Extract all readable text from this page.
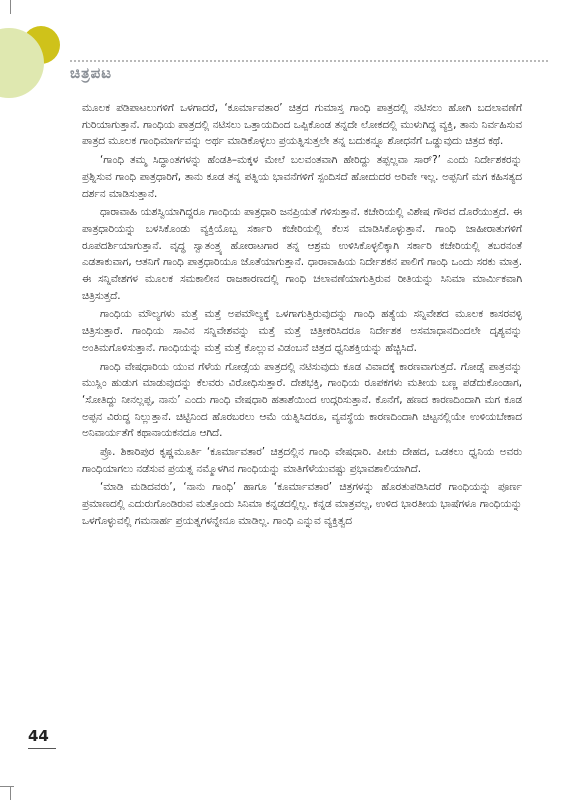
ಚಿತ್ರಪಟ

ಮೂಲಕ ಪಡಿಪಾಟಲುಗಳಿಗೆ ಒಳಗಾದರೆ, ‘ಕೂರ್ಮಾವತಾರ’ ಚಿತ್ರದ ಗುಮಾಸ್ತ ಗಾಂಧಿ ಪಾತ್ರದಲ್ಲಿ ನಟಿಸಲು ಹೋಗಿ ಬದಲಾವಣೆಗೆ ಗುರಿಯಾಗುತ್ತಾನೆ. ಗಾಂಧಿಯ ಪಾತ್ರದಲ್ಲಿ ನಟಿಸಲು ಒತ್ತಾಯದಿಂದ ಒಪ್ಪಿಕೊಂಡ ತನ್ನದೇ ಲೋಕದಲ್ಲಿ ಮುಳುಗಿದ್ದ ವ್ಯಕ್ತಿ, ತಾನು ನಿರ್ವಹಿಸುವ ಪಾತ್ರದ ಮೂಲಕ ಗಾಂಧಿಮಾರ್ಗವನ್ನು ಅರ್ಥ ಮಾಡಿಕೊಳ್ಳಲು ಪ್ರಯತ್ನಿಸುತ್ತಲೇ ತನ್ನ ಬದುಕನ್ನೂ ಶೋಧನೆಗೆ ಒಡ್ಡುವುದು ಚಿತ್ರದ ಕಥೆ.

‘ಗಾಂಧಿ ತಮ್ಮ ಸಿದ್ಧಾಂತಗಳನ್ನು ಹೆಂಡತಿ–ಮಕ್ಕಳ ಮೇಲೆ ಬಲವಂತವಾಗಿ ಹೇರಿದ್ದು ತಪ್ಪಲ್ಲವಾ ಸಾರ್?’ ಎಂದು ನಿರ್ದೇಶಕರನ್ನು ಪ್ರಶ್ನಿಸುವ ಗಾಂಧಿ ಪಾತ್ರಧಾರಿಗೆ, ತಾನು ಕೂಡ ತನ್ನ ಪತ್ನಿಯ ಭಾವನೆಗಳಿಗೆ ಸ್ಪಂದಿಸದೆ ಹೋದುದರ ಅರಿವೇ ಇಲ್ಲ. ಅಪ್ಪನಿಗೆ ಮಗ ಕಹಿಸತ್ಯದ ದರ್ಶನ ಮಾಡಿಸುತ್ತಾನೆ.

ಧಾರಾವಾಹಿ ಯಶಸ್ವಿಯಾಗಿದ್ದರೂ ಗಾಂಧಿಯ ಪಾತ್ರಧಾರಿ ಜನಪ್ರಿಯತೆ ಗಳಿಸುತ್ತಾನೆ. ಕಚೇರಿಯಲ್ಲಿ ವಿಶೇಷ ಗೌರವ ದೊರೆಯುತ್ತದೆ. ಈ ಪಾತ್ರಧಾರಿಯನ್ನು ಬಳಸಿಕೊಂಡು ವ್ಯಕ್ತಿಯೊಬ್ಬ ಸರ್ಕಾರಿ ಕಚೇರಿಯಲ್ಲಿ ಕೆಲಸ ಮಾಡಿಸಿಕೊಳ್ಳುತ್ತಾನೆ. ಗಾಂಧಿ ಜಾಹೀರಾತುಗಳಿಗೆ ರೂಪದರ್ಶಿಯಾಗುತ್ತಾನೆ. ವೃದ್ಧ ಸ್ವಾತಂತ್ರ್ಯ ಹೋರಾಟಗಾರ ತನ್ನ ಆಶ್ರಮ ಉಳಿಸಿಕೊಳ್ಳಲಿಕ್ಕಾಗಿ ಸರ್ಕಾರಿ ಕಚೇರಿಯಲ್ಲಿ ತಬರನಂತೆ ಎಡತಾಕುವಾಗ, ಆತನಿಗೆ ಗಾಂಧಿ ಪಾತ್ರಧಾರಿಯೂ ಜೊತೆಯಾಗುತ್ತಾನೆ. ಧಾರಾವಾಹಿಯ ನಿರ್ದೇಶಕನ ಪಾಲಿಗೆ ಗಾಂಧಿ ಒಂದು ಸರಕು ಮಾತ್ರ. ಈ ಸನ್ನಿವೇಶಗಳ ಮೂಲಕ ಸಮಕಾಲೀನ ರಾಜಕಾರಣದಲ್ಲಿ ಗಾಂಧಿ ಚಲಾವಣೆಯಾಗುತ್ತಿರುವ ರೀತಿಯನ್ನು ಸಿನಿಮಾ ಮಾರ್ಮಿಕವಾಗಿ ಚಿತ್ರಿಸುತ್ತದೆ.

ಗಾಂಧಿಯ ಮೌಲ್ಯಗಳು ಮತ್ತೆ ಮತ್ತೆ ಅಪಮೌಲ್ಯಕ್ಕೆ ಒಳಗಾಗುತ್ತಿರುವುದನ್ನು ಗಾಂಧಿ ಹತ್ಯೆಯ ಸನ್ನಿವೇಶದ ಮೂಲಕ ಕಾಸರವಳ್ಳಿ ಚಿತ್ರಿಸುತ್ತಾರೆ. ಗಾಂಧಿಯ ಸಾವಿನ ಸನ್ನಿವೇಶವನ್ನು ಮತ್ತೆ ಮತ್ತೆ ಚಿತ್ರೀಕರಿಸಿದರೂ ನಿರ್ದೇಶಕ ಅಸಮಾಧಾನದಿಂದಲೇ ದೃಶ್ಯವನ್ನು ಅಂತಿಮಗೊಳಿಸುತ್ತಾನೆ. ಗಾಂಧಿಯನ್ನು ಮತ್ತೆ ಮತ್ತೆ ಕೊಲ್ಲುವ ವಿಡಂಬನೆ ಚಿತ್ರದ ಧ್ವನಿಶಕ್ತಿಯನ್ನು ಹೆಚ್ಚಿಸಿದೆ.

ಗಾಂಧಿ ವೇಷಧಾರಿಯ ಯುವ ಗೆಳೆಯ ಗೋಡ್ಸೆಯ ಪಾತ್ರದಲ್ಲಿ ನಟಿಸುವುದು ಕೂಡ ವಿವಾದಕ್ಕೆ ಕಾರಣವಾಗುತ್ತದೆ. ಗೋಡ್ಸೆ ಪಾತ್ರವನ್ನು ಮುಸ್ಲಿಂ ಹುಡುಗ ಮಾಡುವುದನ್ನು ಕೆಲವರು ವಿರೋಧಿಸುತ್ತಾರೆ. ದೇಶಭಕ್ತಿ, ಗಾಂಧಿಯ ರೂಪಕಗಳು ಮತೀಯ ಬಣ್ಣ ಪಡೆದುಕೊಂಡಾಗ, ‘ಸೋತಿದ್ದು ನೀನಲ್ಲಪ್ಪ, ನಾನು’ ಎಂದು ಗಾಂಧಿ ವೇಷಧಾರಿ ಹತಾಶೆಯಿಂದ ಉದ್ಗರಿಸುತ್ತಾನೆ. ಕೊನೆಗೆ, ಹಣದ ಕಾರಣದಿಂದಾಗಿ ಮಗ ಕೂಡ ಅಪ್ಪನ ವಿರುದ್ಧ ನಿಲ್ಲುತ್ತಾನೆ. ಚಿಟ್ಟಿನಿಂದ ಹೊರಬರಲು ಆಮೆ ಯತ್ನಿಸಿದರೂ, ವ್ಯವಸ್ಥೆಯ ಕಾರಣದಿಂದಾಗಿ ಚಿಟ್ಟನಲ್ಲಿಯೇ ಉಳಿಯಬೇಕಾದ ಅನಿವಾರ್ಯತೆಗೆ ಕಥಾನಾಯಕನದೂ ಆಗಿದೆ.

ಪ್ರೊ. ಶಿಕಾರಿಪುರ ಕೃಷ್ಣಮೂರ್ತಿ ‘ಕೂರ್ಮಾವತಾರ’ ಚಿತ್ರದಲ್ಲಿನ ಗಾಂಧಿ ವೇಷಧಾರಿ. ಪೀಚು ದೇಹದ, ಒಡಕಲು ಧ್ವನಿಯ ಅವರು ಗಾಂಧಿಯಾಗಲು ನಡೆಸುವ ಪ್ರಯತ್ನ ನಮ್ಮೊಳಗಿನ ಗಾಂಧಿಯನ್ನು ಮಾತಿಗೆಳೆಯುವಷ್ಟು ಪ್ರಭಾವಶಾಲಿಯಾಗಿದೆ.

‘ಮಾಡಿ ಮಡಿದವರು’, ‘ನಾನು ಗಾಂಧಿ’ ಹಾಗೂ ‘ಕೂರ್ಮಾವತಾರ’ ಚಿತ್ರಗಳನ್ನು ಹೊರತುಪಡಿಸಿದರೆ ಗಾಂಧಿಯನ್ನು ಪೂರ್ಣ ಪ್ರಮಾಣದಲ್ಲಿ ಎದುರುಗೊಂಡಿರುವ ಮತ್ತೊಂದು ಸಿನಿಮಾ ಕನ್ನಡದಲ್ಲಿಲ್ಲ. ಕನ್ನಡ ಮಾತ್ರವಲ್ಲ, ಉಳಿದ ಭಾರತೀಯ ಭಾಷೆಗಳೂ ಗಾಂಧಿಯನ್ನು ಒಳಗೊಳ್ಳುವಲ್ಲಿ ಗಮನಾರ್ಹ ಪ್ರಯತ್ನಗಳನ್ನೇನೂ ಮಾಡಿಲ್ಲ. ಗಾಂಧಿ ಎನ್ನುವ ವ್ಯಕ್ತಿತ್ವದ

44
